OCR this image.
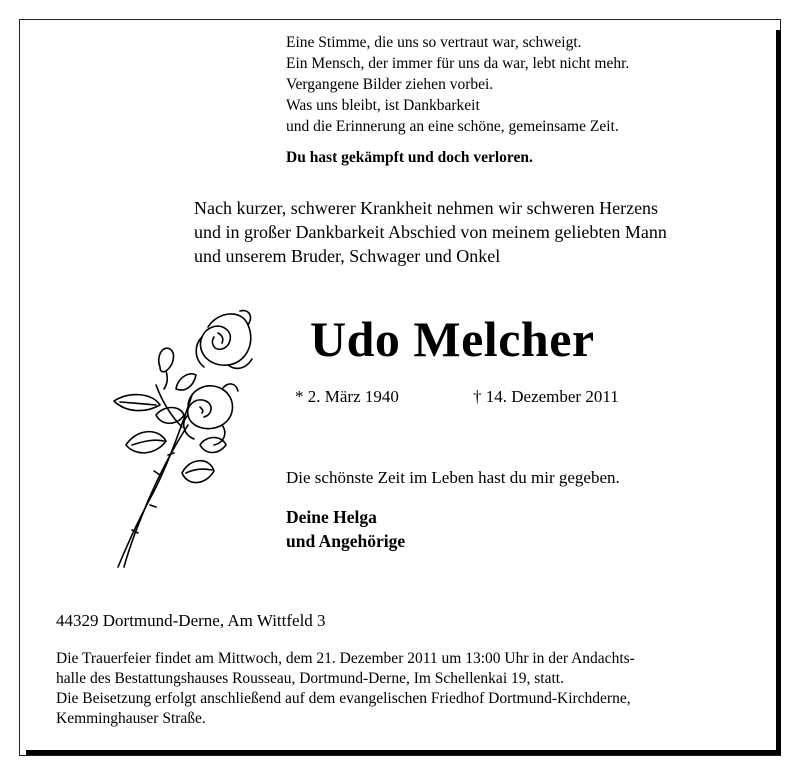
Eine Stimme, die uns so vertraut war, schweigt.
Ein Mensch, der immer für uns da war, lebt nicht mehr.
Vergangene Bilder ziehen vorbei.
Was uns bleibt, ist Dankbarkeit
und die Erinnerung an eine schöne, gemeinsame Zeit.
Du hast gekämpft und doch verloren.
Nach kurzer, schwerer Krankheit nehmen wir schweren Herzens
und in großer Dankbarkeit Abschied von meinem geliebten Mann
und unserem Bruder, Schwager und Onkel
Udo Melcher
* 2. März 1940	† 14. Dezember 2011
Die schönste Zeit im Leben hast du mir gegeben.
Deine Helga
und Angehörige
44329 Dortmund-Derne, Am Wittfeld 3
Die Trauerfeier findet am Mittwoch, dem 21. Dezember 2011 um 13:00 Uhr in der Andachts-
halle des Bestattungshauses Rousseau, Dortmund-Derne, Im Schellenkai 19, statt.
Die Beisetzung erfolgt anschließend auf dem evangelischen Friedhof Dortmund-Kirchderne,
Kemminghauser Straße.
